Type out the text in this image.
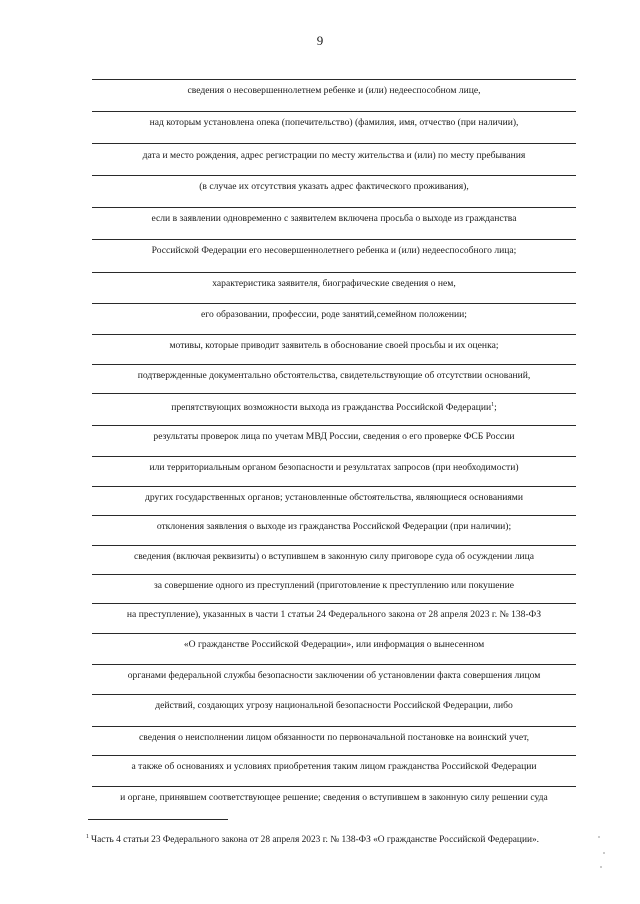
9
сведения о несовершеннолетнем ребенке и (или) недееспособном лице,
над которым установлена опека (попечительство) (фамилия, имя, отчество (при наличии),
дата и место рождения, адрес регистрации по месту жительства и (или) по месту пребывания
(в случае их отсутствия указать адрес фактического проживания),
если в заявлении одновременно с заявителем включена просьба о выходе из гражданства
Российской Федерации его несовершеннолетнего ребенка и (или) недееспособного лица;
характеристика заявителя, биографические сведения о нем,
его образовании, профессии, роде занятий,семейном положении;
мотивы, которые приводит заявитель в обоснование своей просьбы и их оценка;
подтвержденные документально обстоятельства, свидетельствующие об отсутствии оснований,
препятствующих возможности выхода из гражданства Российской Федерации$^1$;
результаты проверок лица по учетам МВД России, сведения о его проверке ФСБ России
или территориальным органом безопасности и результатах запросов (при необходимости)
других государственных органов; установленные обстоятельства, являющиеся основаниями
отклонения заявления о выходе из гражданства Российской Федерации (при наличии);
сведения (включая реквизиты) о вступившем в законную силу приговоре суда об осуждении лица
за совершение одного из преступлений (приготовление к преступлению или покушение
на преступление), указанных в части 1 статьи 24 Федерального закона от 28 апреля 2023 г. № 138-ФЗ
«О гражданстве Российской Федерации», или информация о вынесенном
органами федеральной службы безопасности заключении об установлении факта совершения лицом
действий, создающих угрозу национальной безопасности Российской Федерации, либо
сведения о неисполнении лицом обязанности по первоначальной постановке на воинский учет,
а также об основаниях и условиях приобретения таким лицом гражданства Российской Федерации
и органе, принявшем соответствующее решение; сведения о вступившем в законную силу решении суда
$^1$ Часть 4 статьи 23 Федерального закона от 28 апреля 2023 г. № 138-ФЗ «О гражданстве Российской Федерации».
